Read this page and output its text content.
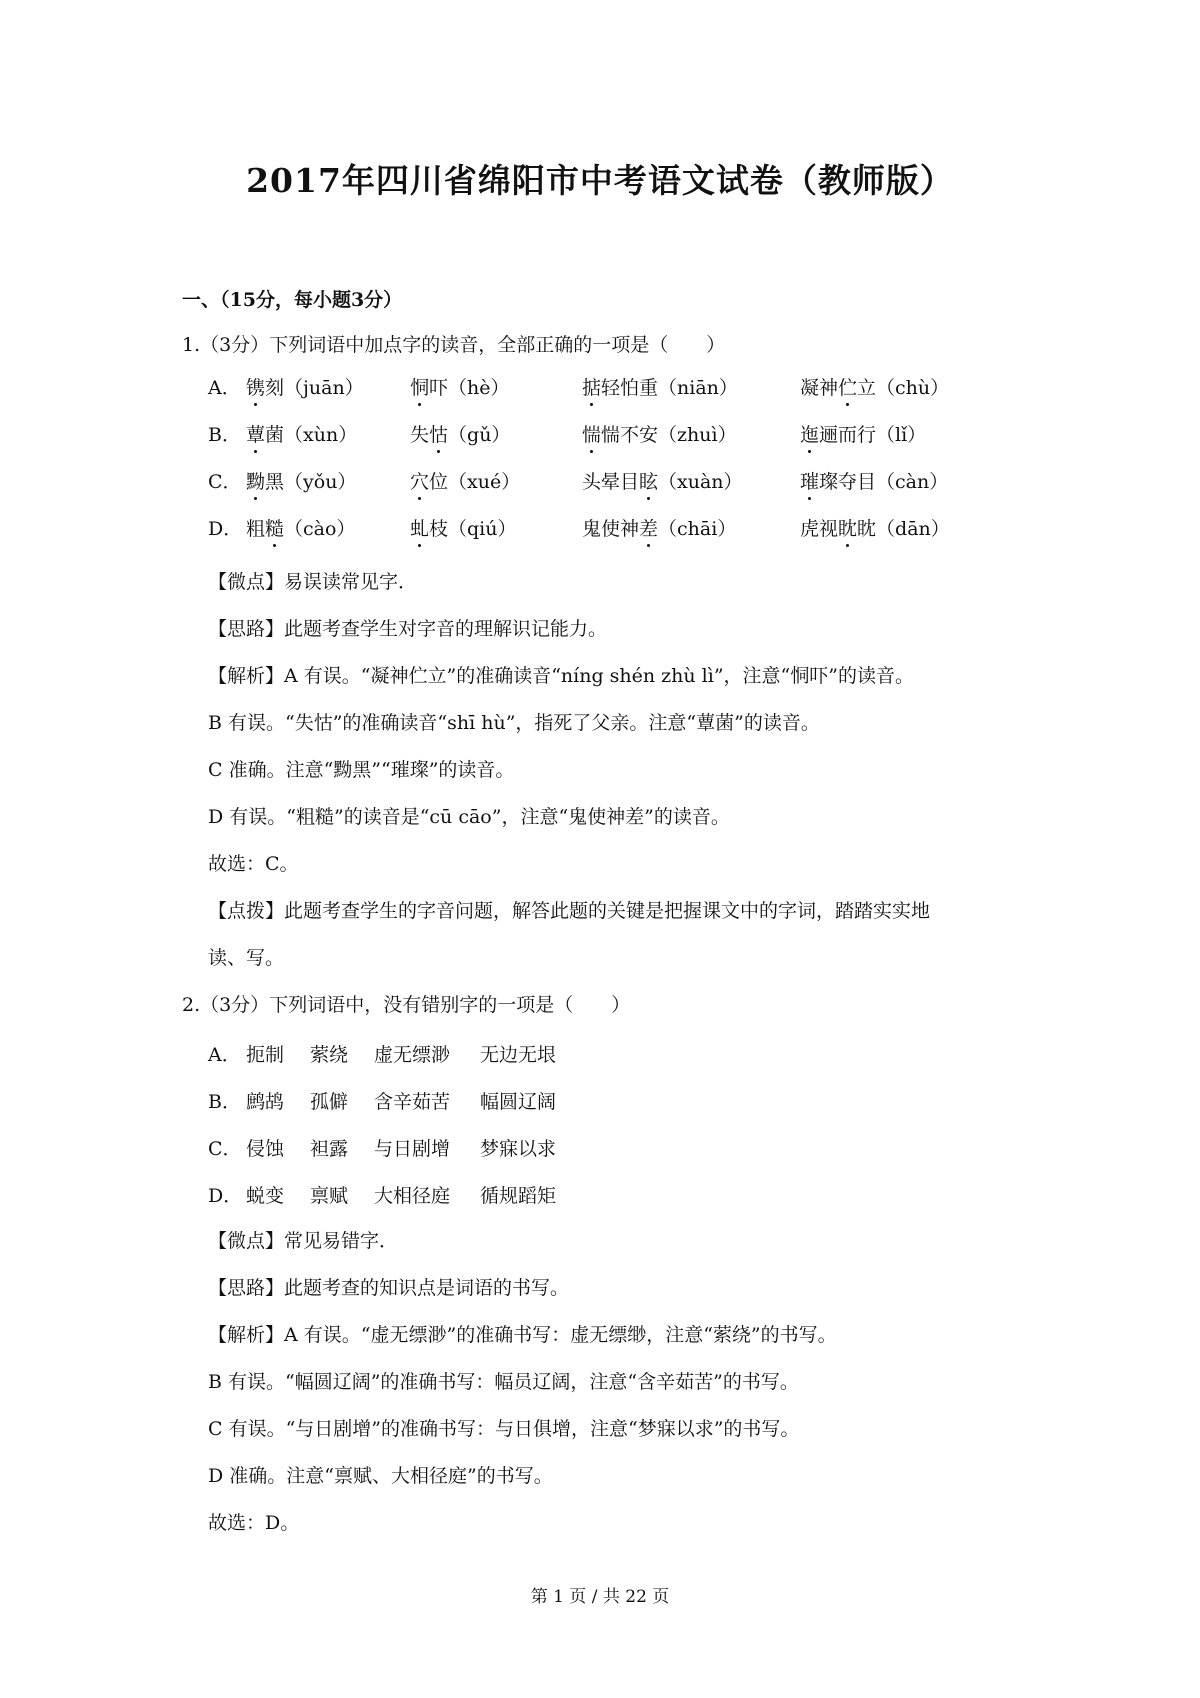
2017年四川省绵阳市中考语文试卷（教师版）
一、（15分，每小题3分）
1.（3分）下列词语中加点字的读音，全部正确的一项是（　　）
A． 镌刻（juān） 恫吓（hè）	掂轻怕重（niān）	凝神伫立（chù）
B． 蕈菌（xùn）	失怙（gǔ）	惴惴不安（zhuì）	迤逦而行（lǐ）
C． 黝黑（yǒu）	穴位（xué）	头晕目眩（xuàn）	璀璨夺目（càn）
D． 粗糙（cào）	虬枝（qiú）	鬼使神差（chāi）	虎视眈眈（dān）
【微点】易误读常见字．
【思路】此题考查学生对字音的理解识记能力。
【解析】A 有误。“凝神伫立”的准确读音“níng shén zhù lì”，注意“恫吓”的读音。
B 有误。“失怙”的准确读音“shī hù”，指死了父亲。注意“蕈菌”的读音。
C 准确。注意“黝黑”“璀璨”的读音。
D 有误。“粗糙”的读音是“cū cāo”，注意“鬼使神差”的读音。
故选：C。
【点拨】此题考查学生的字音问题，解答此题的关键是把握课文中的字词，踏踏实实地
读、写。
2.（3分）下列词语中，没有错别字的一项是（　　）
A． 扼制 萦绕 虚无缥渺 无边无垠
B． 鹧鸪 孤僻 含辛茹苦 幅圆辽阔
C． 侵蚀 袒露 与日剧增 梦寐以求
D． 蜕变 禀赋 大相径庭 循规蹈矩
【微点】常见易错字．
【思路】此题考查的知识点是词语的书写。
【解析】A 有误。“虚无缥渺”的准确书写：虚无缥缈，注意“萦绕”的书写。
B 有误。“幅圆辽阔”的准确书写：幅员辽阔，注意“含辛茹苦”的书写。
C 有误。“与日剧增”的准确书写：与日俱增，注意“梦寐以求”的书写。
D 准确。注意“禀赋、大相径庭”的书写。
故选：D。
第 1 页 / 共 22 页
